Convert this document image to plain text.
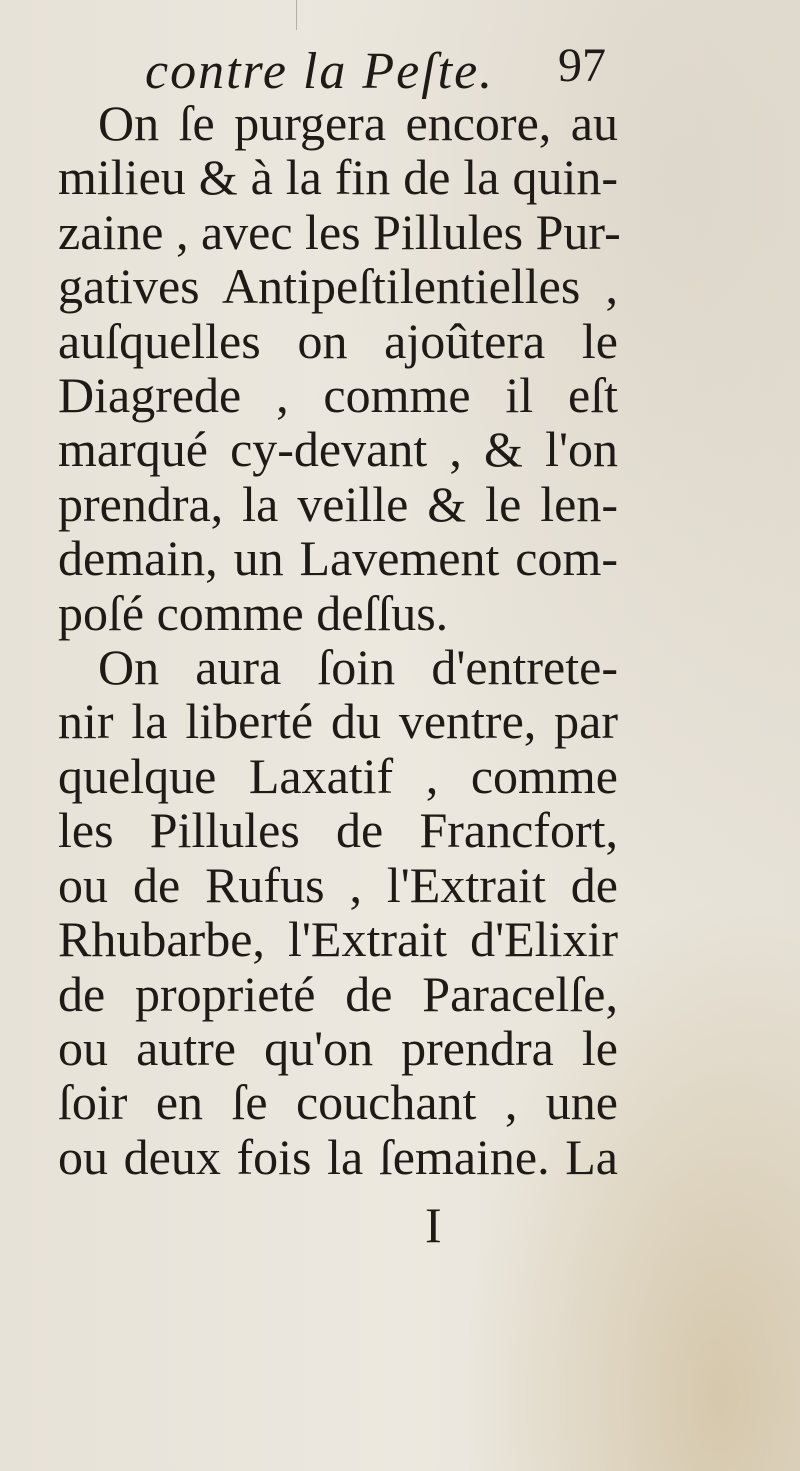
contre la Peſte. 97
On ſe purgera encore, au
milieu & à la fin de la quin-
zaine , avec les Pillules Pur-
gatives Antipeſtilentielles ,
auſquelles on ajoûtera le
Diagrede , comme il eſt
marqué cy-devant , & l'on
prendra, la veille & le len-
demain, un Lavement com-
poſé comme deſſus.
On aura ſoin d'entrete-
nir la liberté du ventre, par
quelque Laxatif , comme
les Pillules de Francfort,
ou de Rufus , l'Extrait de
Rhubarbe, l'Extrait d'Elixir
de proprieté de Paracelſe,
ou autre qu'on prendra le
ſoir en ſe couchant , une
ou deux fois la ſemaine. La
I
